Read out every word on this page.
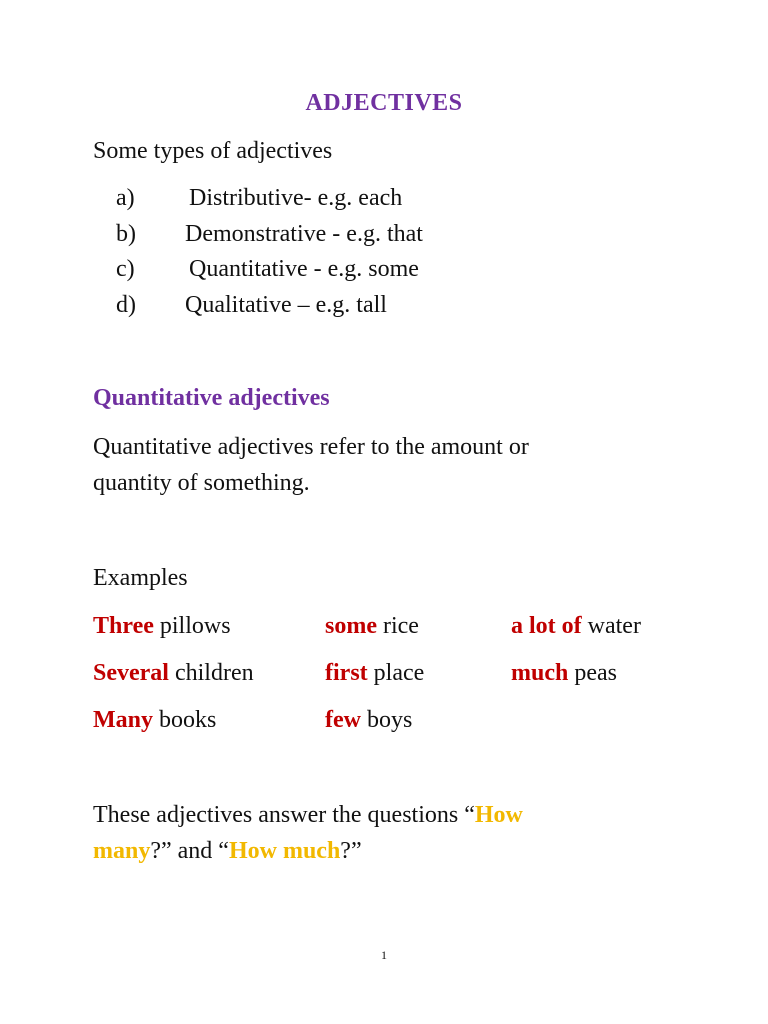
ADJECTIVES
Some types of adjectives
a) Distributive- e.g. each
b) Demonstrative - e.g. that
c) Quantitative - e.g. some
d) Qualitative – e.g. tall
Quantitative adjectives
Quantitative adjectives refer to the amount or
quantity of something.
Examples
Three pillows	some rice	a lot of water
Several children	first place	much peas
Many books	few boys
These adjectives answer the questions “How
many?” and “How much?”
1
